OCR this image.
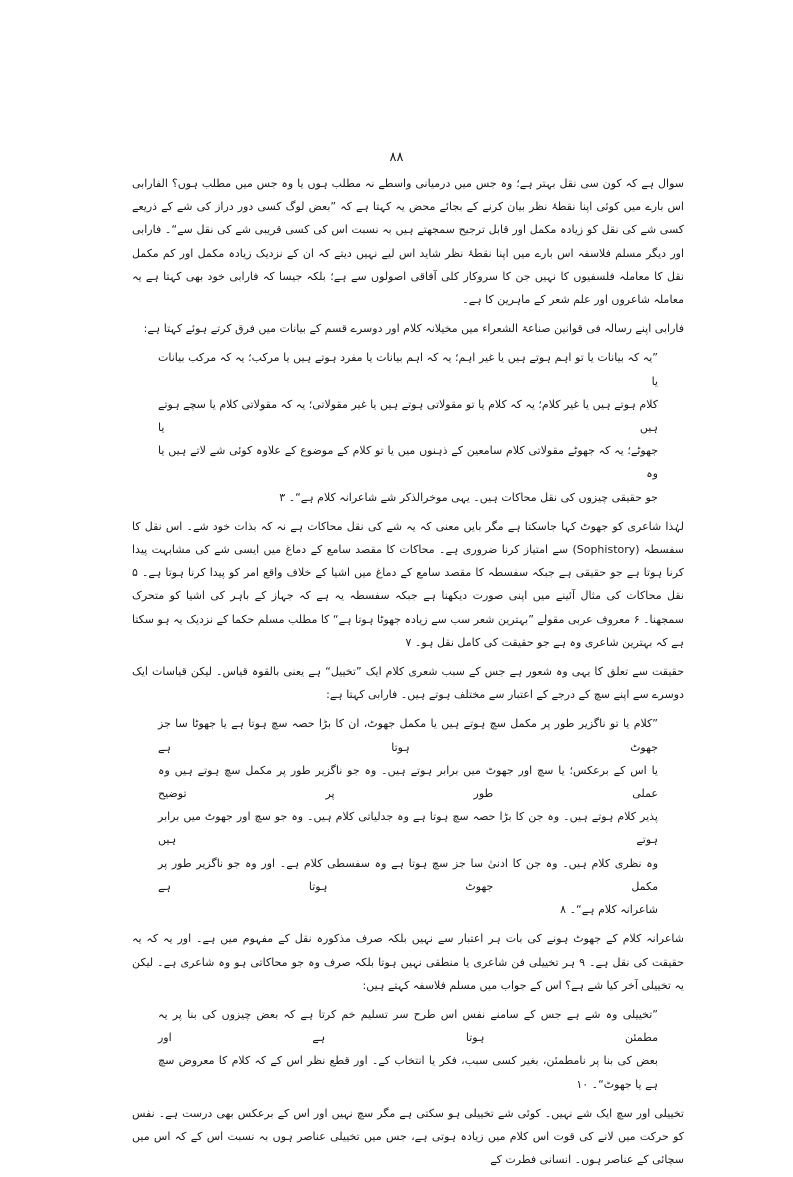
۸۸

سوال ہے کہ کون سی نقل بہتر ہے؛ وہ جس میں درمیانی واسطے نہ مطلب ہوں یا وہ جس میں مطلب ہوں؟ الفارابی اس بارے میں کوئی اپنا نقطۂ نظر بیان کرنے کے بجائے محض یہ کہتا ہے کہ ”بعض لوگ کسی دور دراز کی شے کے ذریعے کسی شے کی نقل کو زیادہ مکمل اور قابل ترجیح سمجھتے ہیں بہ نسبت اس کی کسی قریبی شے کی نقل سے“۔ فارابی اور دیگر مسلم فلاسفہ اس بارے میں اپنا نقطۂ نظر شاید اس لیے نہیں دیتے کہ ان کے نزدیک زیادہ مکمل اور کم مکمل نقل کا معاملہ فلسفیوں کا نہیں جن کا سروکار کلی آفاقی اصولوں سے ہے؛ بلکہ جیسا کہ فارابی خود بھی کہتا ہے یہ معاملہ شاعروں اور علم شعر کے ماہرین کا ہے۔

فارابی اپنے رسالہ فی قوانین صناعۃ الشعراء میں مخیلانہ کلام اور دوسرے قسم کے بیانات میں فرق کرتے ہوئے کہتا ہے:

”یہ کہ بیانات یا تو اہم ہوتے ہیں یا غیر اہم؛ یہ کہ اہم بیانات یا مفرد ہوتے ہیں یا مرکب؛ یہ کہ مرکب بیانات یا
کلام ہوتے ہیں یا غیر کلام؛ یہ کہ کلام یا تو مقولاتی ہوتے ہیں یا غیر مقولاتی؛ یہ کہ مقولاتی کلام یا سچے ہوتے ہیں یا
جھوٹے؛ یہ کہ جھوٹے مقولاتی کلام سامعین کے ذہنوں میں یا تو کلام کے موضوع کے علاوہ کوئی شے لاتے ہیں یا وہ
جو حقیقی چیزوں کی نقل محاکات ہیں۔ یہی موخرالذکر شے شاعرانہ کلام ہے“۔ ۳

لہٰذا شاعری کو جھوٹ کہا جاسکتا ہے مگر بایں معنی کہ یہ شے کی نقل محاکات ہے نہ کہ بذات خود شے۔ اس نقل کا سفسطہ (Sophistory) سے امتیاز کرنا ضروری ہے۔ محاکات کا مقصد سامع کے دماغ میں ایسی شے کی مشابہت پیدا کرنا ہوتا ہے جو حقیقی ہے جبکہ سفسطہ کا مقصد سامع کے دماغ میں اشیا کے خلاف واقع امر کو پیدا کرنا ہوتا ہے۔ ۵ نقل محاکات کی مثال آئینے میں اپنی صورت دیکھنا ہے جبکہ سفسطہ یہ ہے کہ جہاز کے باہر کی اشیا کو متحرک سمجھنا۔ ۶ معروف عربی مقولے ”بہترین شعر سب سے زیادہ جھوٹا ہوتا ہے“ کا مطلب مسلم حکما کے نزدیک یہ ہو سکتا ہے کہ بہترین شاعری وہ ہے جو حقیقت کی کامل نقل ہو۔ ۷

حقیقت سے تعلق کا یہی وہ شعور ہے جس کے سبب شعری کلام ایک ”تخییل“ ہے یعنی بالقوہ قیاس۔ لیکن قیاسات ایک دوسرے سے اپنے سچ کے درجے کے اعتبار سے مختلف ہوتے ہیں۔ فارابی کہتا ہے:

”کلام یا تو ناگزیر طور پر مکمل سچ ہوتے ہیں یا مکمل جھوٹ، ان کا بڑا حصہ سچ ہوتا ہے یا جھوٹا سا جز جھوٹ ہوتا ہے
یا اس کے برعکس؛ یا سچ اور جھوٹ میں برابر ہوتے ہیں۔ وہ جو ناگزیر طور پر مکمل سچ ہوتے ہیں وہ عملی طور پر توضیح
پذیر کلام ہوتے ہیں۔ وہ جن کا بڑا حصہ سچ ہوتا ہے وہ جدلیاتی کلام ہیں۔ وہ جو سچ اور جھوٹ میں برابر ہوتے ہیں
وہ نظری کلام ہیں۔ وہ جن کا ادنیٰ سا جز سچ ہوتا ہے وہ سفسطی کلام ہے۔ اور وہ جو ناگزیر طور پر مکمل جھوٹ ہوتا ہے
شاعرانہ کلام ہے“۔ ۸

شاعرانہ کلام کے جھوٹ ہونے کی بات ہر اعتبار سے نہیں بلکہ صرف مذکورہ نقل کے مفہوم میں ہے۔ اور یہ کہ یہ حقیقت کی نقل ہے۔ ۹ ہر تخییلی فن شاعری یا منطقی نہیں ہوتا بلکہ صرف وہ جو محاکاتی ہو وہ شاعری ہے۔ لیکن یہ تخییلی آخر کیا شے ہے؟ اس کے جواب میں مسلم فلاسفہ کہتے ہیں:

”تخییلی وہ شے ہے جس کے سامنے نفس اس طرح سر تسلیم خم کرتا ہے کہ بعض چیزوں کی بنا پر یہ مطمئن ہوتا ہے اور
بعض کی بنا پر نامطمئن، بغیر کسی سبب، فکر یا انتخاب کے۔ اور قطع نظر اس کے کہ کلام کا معروض سچ ہے یا جھوٹ“۔ ۱۰

تخییلی اور سچ ایک شے نہیں۔ کوئی شے تخییلی ہو سکتی ہے مگر سچ نہیں اور اس کے برعکس بھی درست ہے۔ نفس کو حرکت میں لانے کی قوت اس کلام میں زیادہ ہوتی ہے، جس میں تخییلی عناصر ہوں بہ نسبت اس کے کہ اس میں سچائی کے عناصر ہوں۔ انسانی فطرت کے
